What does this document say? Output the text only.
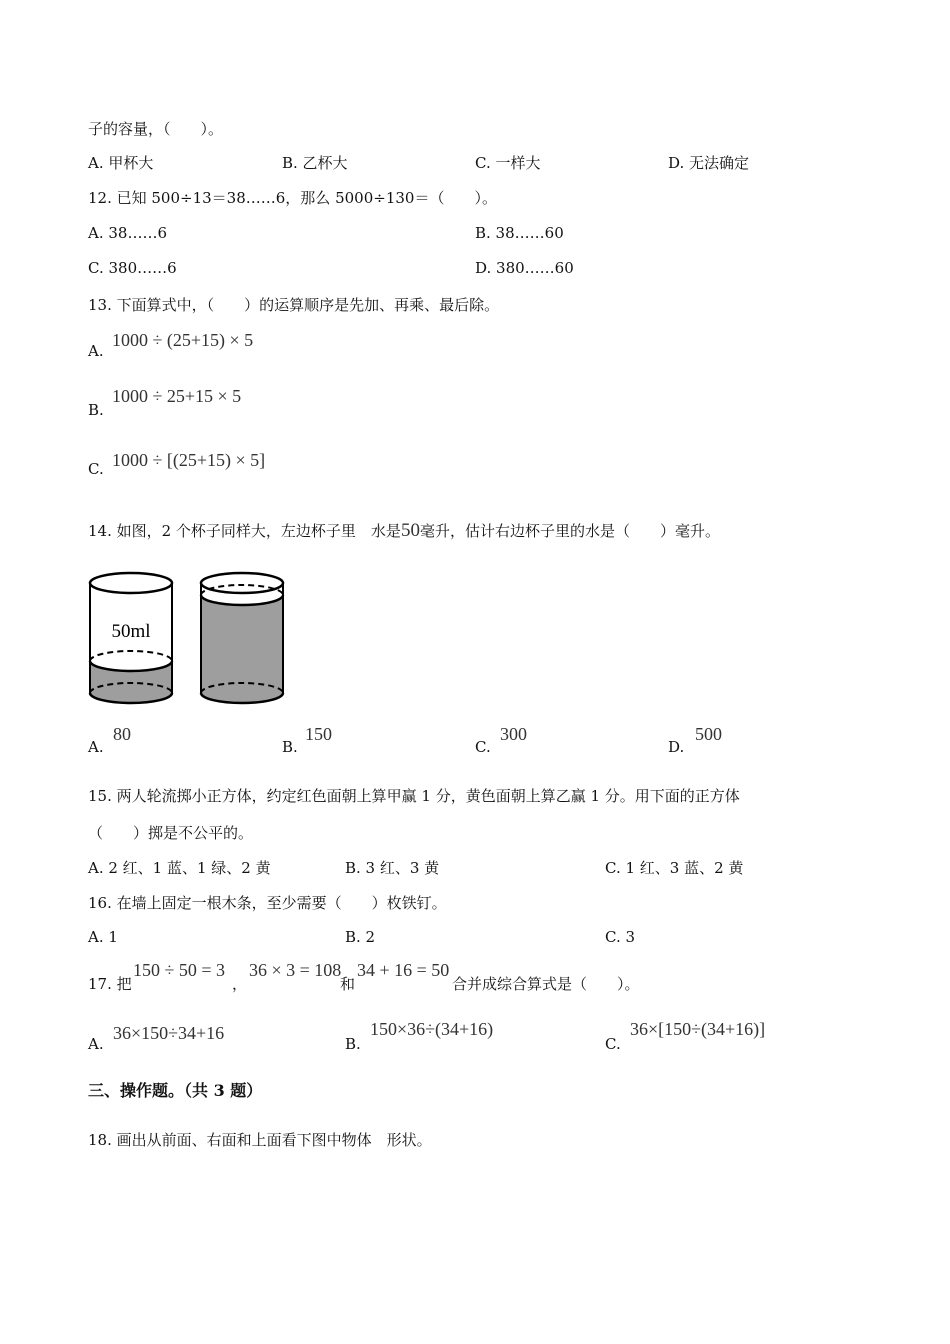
子的容量，（　　）。
A. 甲杯大	B. 乙杯大	C. 一样大	D. 无法确定
12. 已知 500÷13＝38……6，那么 5000÷130＝（　　）。
A. 38……6	B. 38……60
C. 380……6	D. 380……60
13. 下面算式中，（　　）的运算顺序是先加、再乘、最后除。
A.
1000 ÷ (25+15) × 5
B.
1000 ÷ 25+15 × 5
C. 1000 ÷ [(25+15) × 5]
14. 如图，2 个杯子同样大，左边杯子里　水是50毫升，估计右边杯子里的水是（　　）毫升。
50ml
A.
80
B.
150
C.
300
D.
500
15. 两人轮流掷小正方体，约定红色面朝上算甲赢 1 分，黄色面朝上算乙赢 1 分。用下面的正方体
（　　）掷是不公平的。
A. 2 红、1 蓝、1 绿、2 黄	B. 3 红、3 黄	C. 1 红、3 蓝、2 黄
16. 在墙上固定一根木条，至少需要（　　）枚铁钉。
A. 1	B. 2	C. 3
17. 把
150 ÷ 50 = 3
，
36 × 3 = 108
和
34 + 16 = 50
合并成综合算式是（　　）。
A.
36×150÷34+16
B.
150×36÷(34+16)
C.
36×[150÷(34+16)]
三、操作题。（共 3 题）
18. 画出从前面、右面和上面看下图中物体　形状。
